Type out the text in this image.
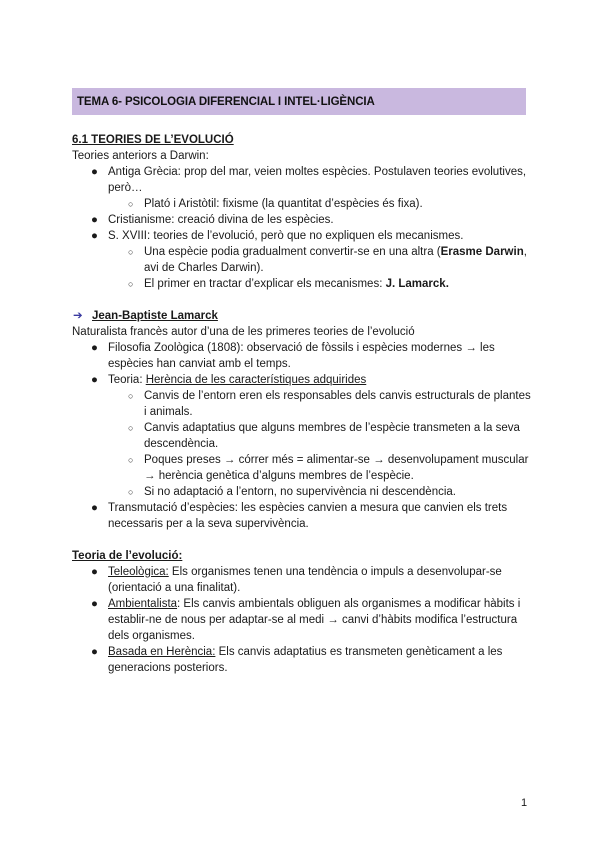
TEMA 6- PSICOLOGIA DIFERENCIAL I INTEL·LIGÈNCIA
6.1 TEORIES DE L’EVOLUCIÓ
Teories anteriors a Darwin:
● Antiga Grècia: prop del mar, veien moltes espècies. Postulaven teories evolutives, però…
○ Plató i Aristòtil: fixisme (la quantitat d’espècies és fixa).
● Cristianisme: creació divina de les espècies.
● S. XVIII: teories de l’evolució, però que no expliquen els mecanismes.
○ Una espècie podia gradualment convertir-se en una altra (Erasme Darwin, avi de Charles Darwin).
○ El primer en tractar d’explicar els mecanismes: J. Lamarck.
➔ Jean-Baptiste Lamarck
Naturalista francès autor d’una de les primeres teories de l’evolució
● Filosofia Zoològica (1808): observació de fòssils i espècies modernes → les espècies han canviat amb el temps.
● Teoria: Herència de les característiques adquirides
○ Canvis de l’entorn eren els responsables dels canvis estructurals de plantes i animals.
○ Canvis adaptatius que alguns membres de l’espècie transmeten a la seva descendència.
○ Poques preses → córrer més = alimentar-se → desenvolupament muscular → herència genètica d’alguns membres de l’espècie.
○ Si no adaptació a l’entorn, no supervivència ni descendència.
● Transmutació d’espècies: les espècies canvien a mesura que canvien els trets necessaris per a la seva supervivència.
Teoria de l’evolució:
● Teleològica: Els organismes tenen una tendència o impuls a desenvolupar-se (orientació a una finalitat).
● Ambientalista: Els canvis ambientals obliguen als organismes a modificar hàbits i establir-ne de nous per adaptar-se al medi → canvi d’hàbits modifica l’estructura dels organismes.
● Basada en Herència: Els canvis adaptatius es transmeten genèticament a les generacions posteriors.
1
